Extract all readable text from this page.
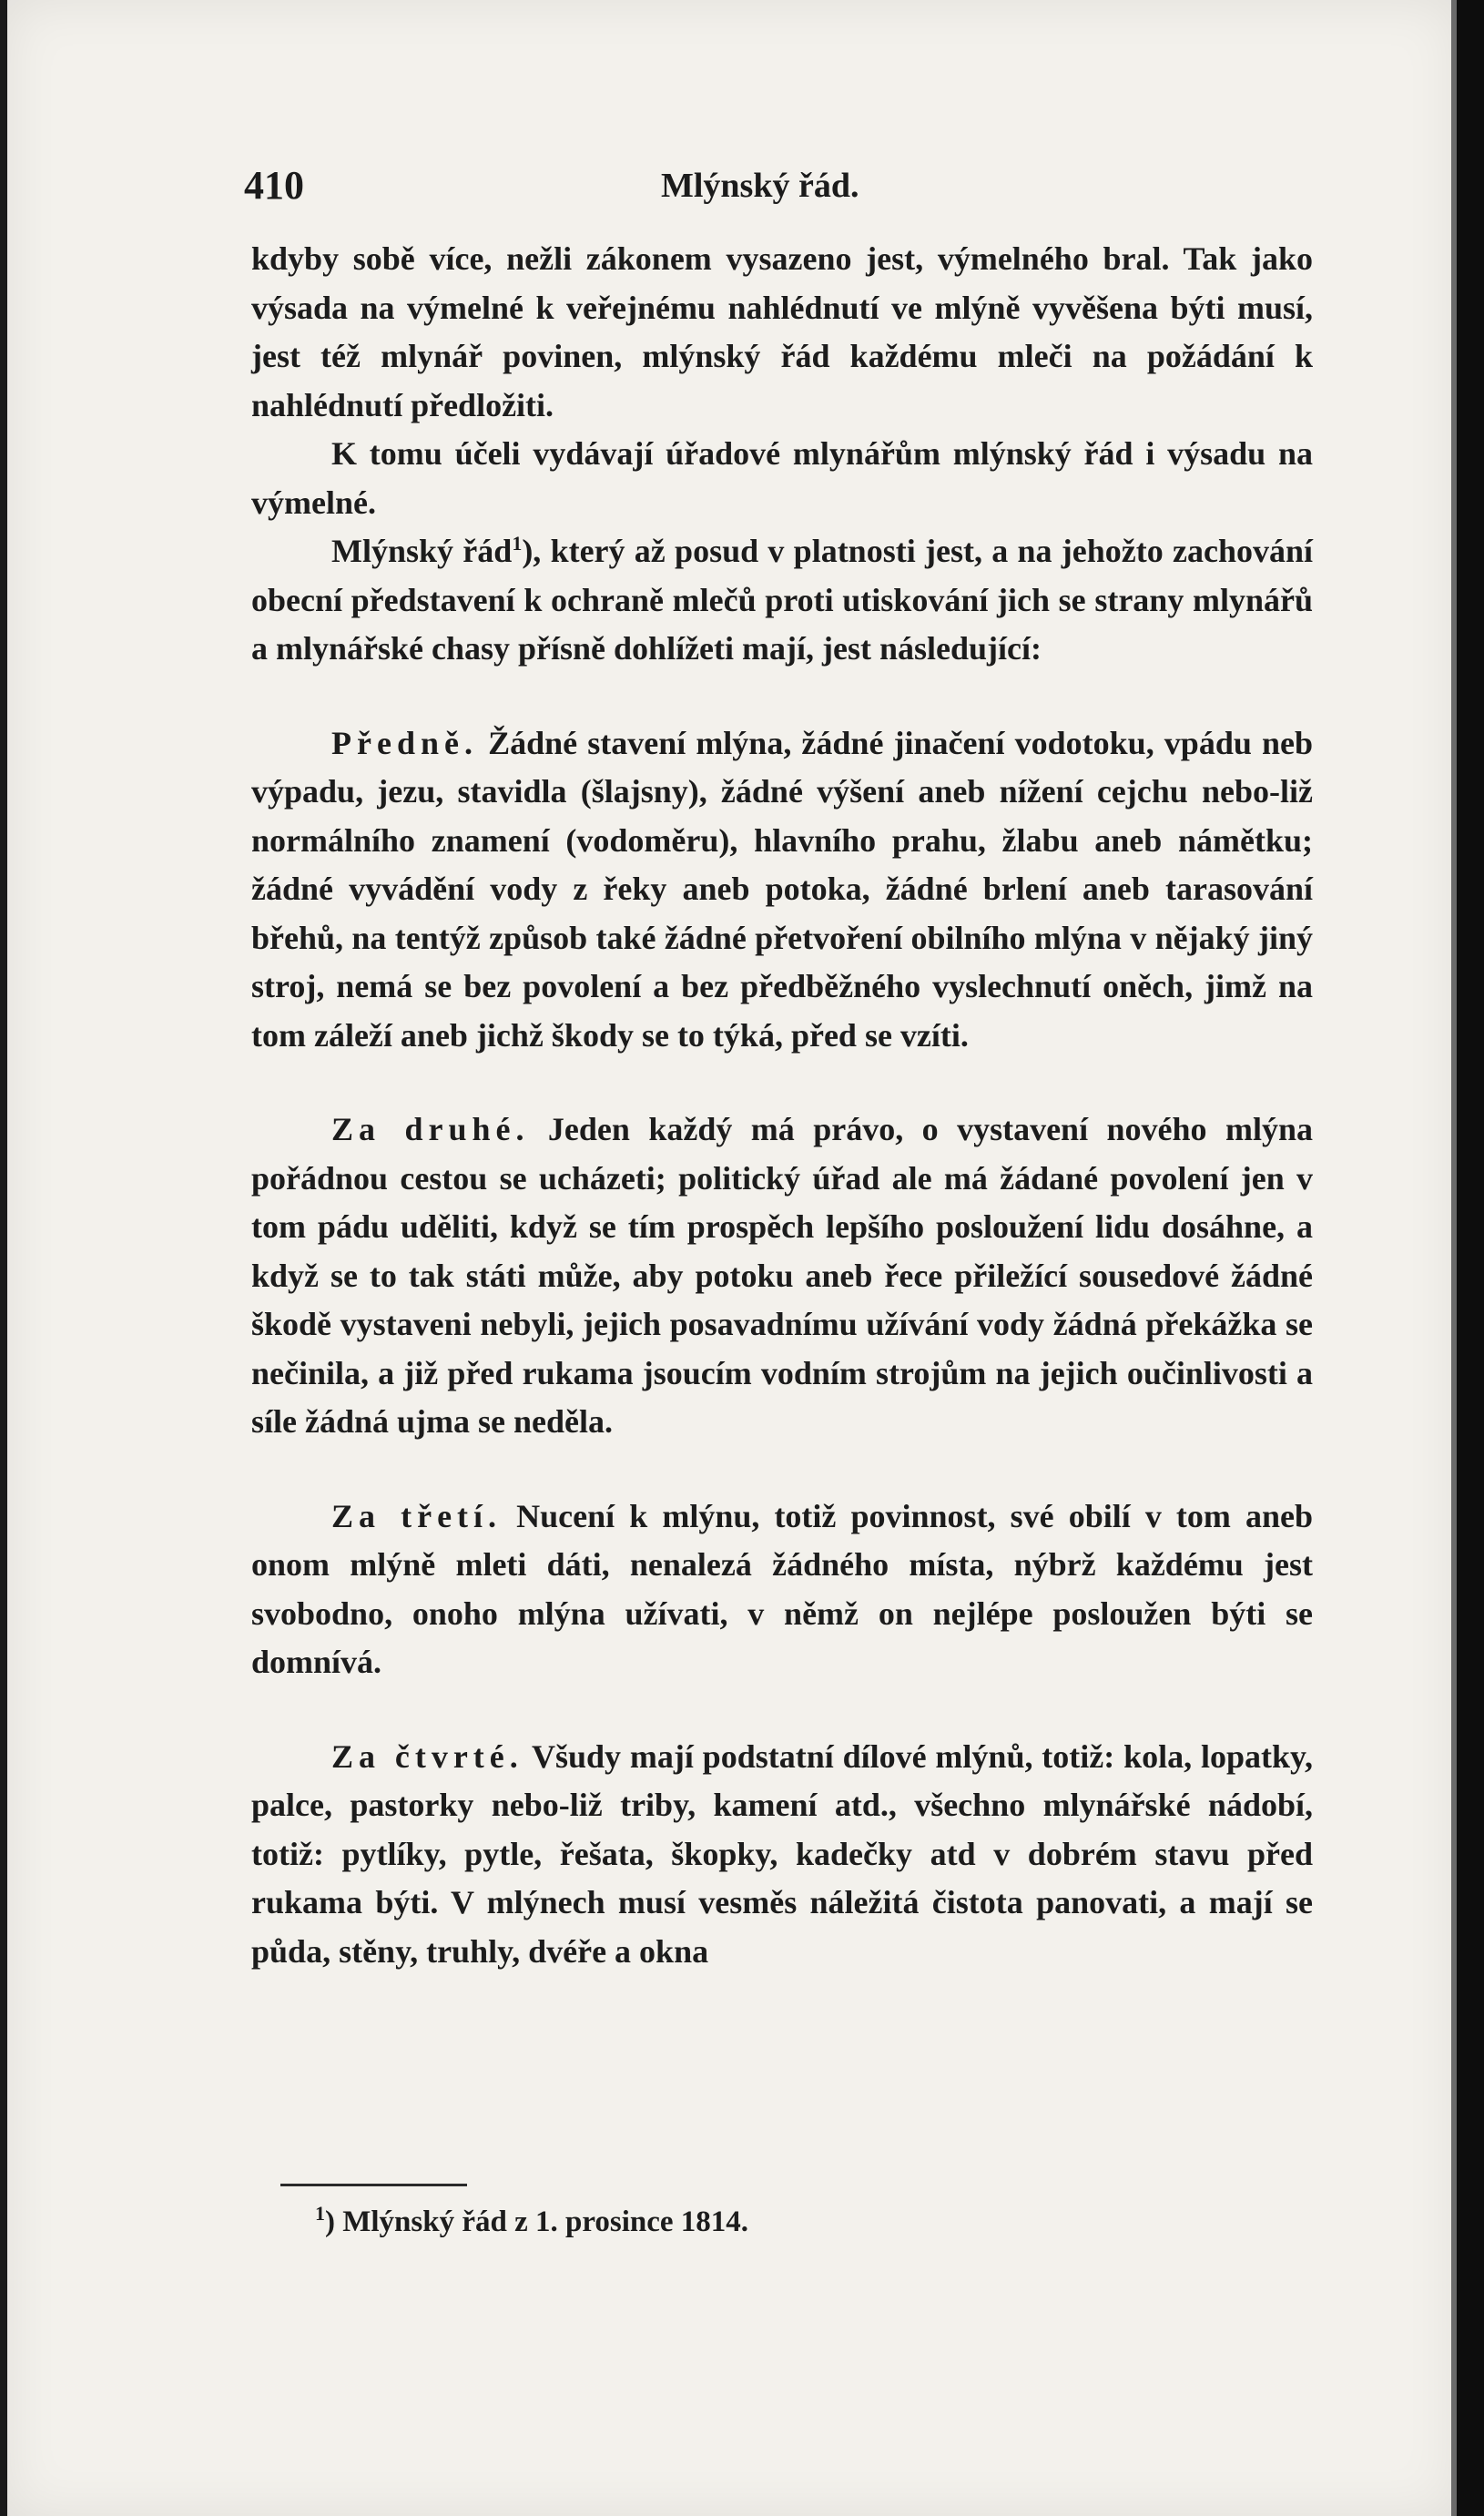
410	Mlýnský řád.

kdyby sobě více, nežli zákonem vysazeno jest, výmelného bral. Tak jako výsada na výmelné k veřejnému nahlédnutí ve mlýně vyvěšena býti musí, jest též mlynář povinen, mlýnský řád každému mleči na požádání k nahlédnutí předložiti.

K tomu účeli vydávají úřadové mlynářům mlýnský řád i výsadu na výmelné.

Mlýnský řád$^1$), který až posud v platnosti jest, a na jehožto zachování obecní představení k ochraně mlečů proti utiskování jich se strany mlynářů a mlynářské chasy přísně dohlížeti mají, jest následující:

Předně. Žádné stavení mlýna, žádné jinačení vodotoku, vpádu neb výpadu, jezu, stavidla (šlajsny), žádné výšení aneb nížení cejchu nebo-liž normálního znamení (vodoměru), hlavního prahu, žlabu aneb námětku; žádné vyvádění vody z řeky aneb potoka, žádné brlení aneb tarasování břehů, na tentýž způsob také žádné přetvoření obilního mlýna v nějaký jiný stroj, nemá se bez povolení a bez předběžného vyslechnutí oněch, jimž na tom záleží aneb jichž škody se to týká, před se vzíti.

Za druhé. Jeden každý má právo, o vystavení nového mlýna pořádnou cestou se ucházeti; politický úřad ale má žádané povolení jen v tom pádu uděliti, když se tím prospěch lepšího posloužení lidu dosáhne, a když se to tak státi může, aby potoku aneb řece přiležící sousedové žádné škodě vystaveni nebyli, jejich posavadnímu užívání vody žádná překážka se nečinila, a již před rukama jsoucím vodním strojům na jejich oučinlivosti a síle žádná ujma se neděla.

Za třetí. Nucení k mlýnu, totiž povinnost, své obilí v tom aneb onom mlýně mleti dáti, nenalezá žádného místa, nýbrž každému jest svobodno, onoho mlýna užívati, v němž on nejlépe posloužen býti se domnívá.

Za čtvrté. Všudy mají podstatní dílové mlýnů, totiž: kola, lopatky, palce, pastorky nebo-liž triby, kamení atd., všechno mlynářské nádobí, totiž: pytlíky, pytle, řešata, škopky, kadečky atd v dobrém stavu před rukama býti. V mlýnech musí vesměs náležitá čistota panovati, a mají se půda, stěny, truhly, dvéře a okna

$^1$) Mlýnský řád z 1. prosince 1814.
